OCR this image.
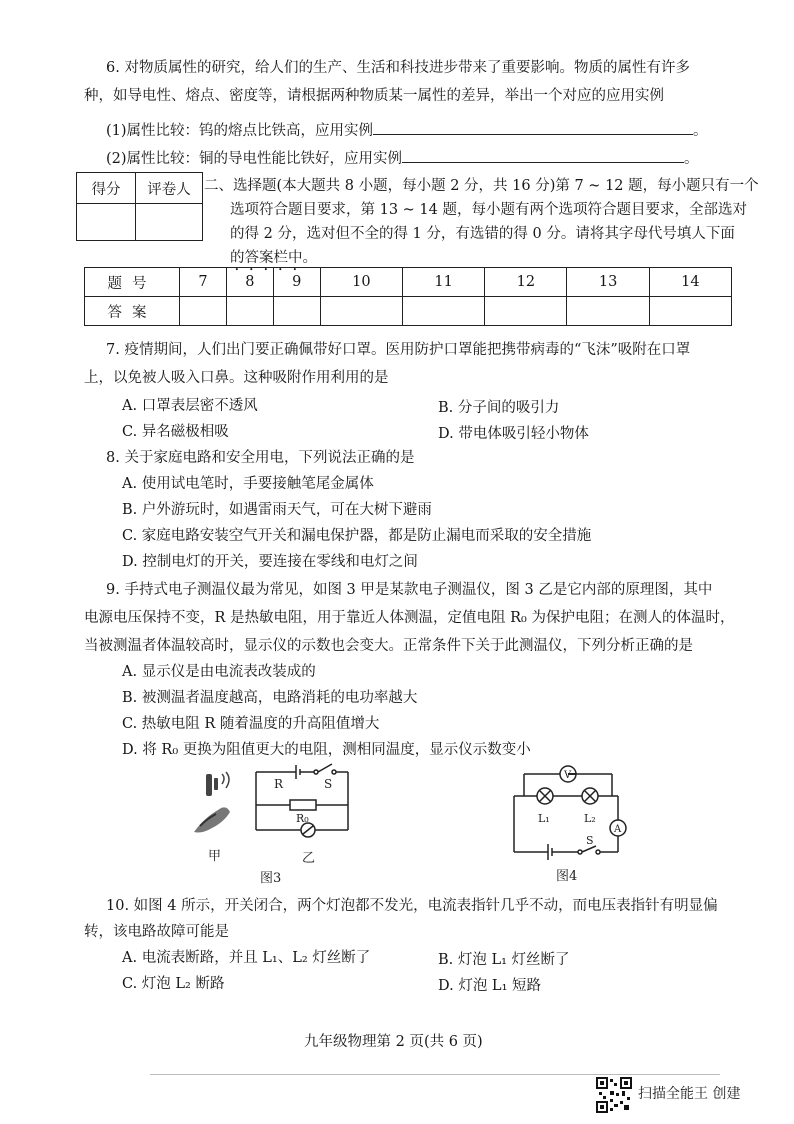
6. 对物质属性的研究，给人们的生产、生活和科技进步带来了重要影响。物质的属性有许多
种，如导电性、熔点、密度等，请根据两种物质某一属性的差异，举出一个对应的应用实例
(1)属性比较：钨的熔点比铁高，应用实例	。
(2)属性比较：铜的导电性能比铁好，应用实例	。
得分	评卷人
	二、选择题(本大题共 8 小题，每小题 2 分，共 16 分)第 7 ~ 12 题，每小题只有一个
选项符合题目要求，第 13 ~ 14 题，每小题有两个选项符合题目要求，全部选对
的得 2 分，选对但不全的得 1 分，有选错的得 0 分。请将其字母代号填人下面
的答案栏中。
题号	7	8	9	10	11	12	13	14
答案								
7. 疫情期间，人们出门要正确佩带好口罩。医用防护口罩能把携带病毒的“飞沫”吸附在口罩
上，以免被人吸入口鼻。这种吸附作用利用的是
A. 口罩表层密不透风	B. 分子间的吸引力
C. 异名磁极相吸	D. 带电体吸引轻小物体
8. 关于家庭电路和安全用电，下列说法正确的是
A. 使用试电笔时，手要接触笔尾金属体
B. 户外游玩时，如遇雷雨天气，可在大树下避雨
C. 家庭电路安装空气开关和漏电保护器，都是防止漏电而采取的安全措施
D. 控制电灯的开关，要连接在零线和电灯之间
9. 手持式电子测温仪最为常见，如图 3 甲是某款电子测温仪，图 3 乙是它内部的原理图，其中
电源电压保持不变，R 是热敏电阻，用于靠近人体测温，定值电阻 R₀ 为保护电阻；在测人的体温时，
当被测温者体温较高时，显示仪的示数也会变大。正常条件下关于此测温仪，下列分析正确的是
A. 显示仪是由电流表改装成的
B. 被测温者温度越高，电路消耗的电功率越大
C. 热敏电阻 R 随着温度的升高阻值增大
D. 将 R₀ 更换为阻值更大的电阻，测相同温度，显示仪示数变小
R	S
R₀
甲	乙
图3
V
A
L₁	L₂
S
图4
10. 如图 4 所示，开关闭合，两个灯泡都不发光，电流表指针几乎不动，而电压表指针有明显偏
转，该电路故障可能是
A. 电流表断路，并且 L₁、L₂ 灯丝断了	B. 灯泡 L₁ 灯丝断了
C. 灯泡 L₂ 断路	D. 灯泡 L₁ 短路
九年级物理第 2 页(共 6 页)
扫描全能王 创建
